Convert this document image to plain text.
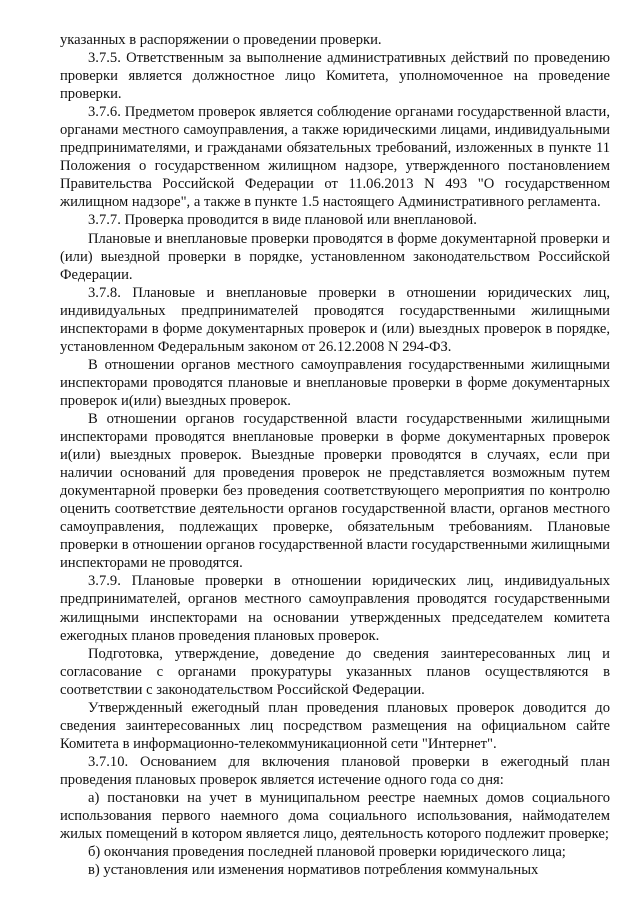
указанных в распоряжении о проведении проверки.

3.7.5. Ответственным за выполнение административных действий по проведению проверки является должностное лицо Комитета, уполномоченное на проведение проверки.

3.7.6. Предметом проверок является соблюдение органами государственной власти, органами местного самоуправления, а также юридическими лицами, индивидуальными предпринимателями, и гражданами обязательных требований, изложенных в пункте 11 Положения о государственном жилищном надзоре, утвержденного постановлением Правительства Российской Федерации от 11.06.2013 N 493 "О государственном жилищном надзоре", а также в пункте 1.5 настоящего Административного регламента.

3.7.7. Проверка проводится в виде плановой или внеплановой.

Плановые и внеплановые проверки проводятся в форме документарной проверки и (или) выездной проверки в порядке, установленном законодательством Российской Федерации.

3.7.8. Плановые и внеплановые проверки в отношении юридических лиц, индивидуальных предпринимателей проводятся государственными жилищными инспекторами в форме документарных проверок и (или) выездных проверок в порядке, установленном Федеральным законом от 26.12.2008 N 294-ФЗ.

В отношении органов местного самоуправления государственными жилищными инспекторами проводятся плановые и внеплановые проверки в форме документарных проверок и(или) выездных проверок.

В отношении органов государственной власти государственными жилищными инспекторами проводятся внеплановые проверки в форме документарных проверок и(или) выездных проверок. Выездные проверки проводятся в случаях, если при наличии оснований для проведения проверок не представляется возможным путем документарной проверки без проведения соответствующего мероприятия по контролю оценить соответствие деятельности органов государственной власти, органов местного самоуправления, подлежащих проверке, обязательным требованиям. Плановые проверки в отношении органов государственной власти государственными жилищными инспекторами не проводятся.

3.7.9. Плановые проверки в отношении юридических лиц, индивидуальных предпринимателей, органов местного самоуправления проводятся государственными жилищными инспекторами на основании утвержденных председателем комитета ежегодных планов проведения плановых проверок.

Подготовка, утверждение, доведение до сведения заинтересованных лиц и согласование с органами прокуратуры указанных планов осуществляются в соответствии с законодательством Российской Федерации.

Утвержденный ежегодный план проведения плановых проверок доводится до сведения заинтересованных лиц посредством размещения на официальном сайте Комитета в информационно-телекоммуникационной сети "Интернет".

3.7.10. Основанием для включения плановой проверки в ежегодный план проведения плановых проверок является истечение одного года со дня:

а) постановки на учет в муниципальном реестре наемных домов социального использования первого наемного дома социального использования, наймодателем жилых помещений в котором является лицо, деятельность которого подлежит проверке;

б) окончания проведения последней плановой проверки юридического лица;

в) установления или изменения нормативов потребления коммунальных
